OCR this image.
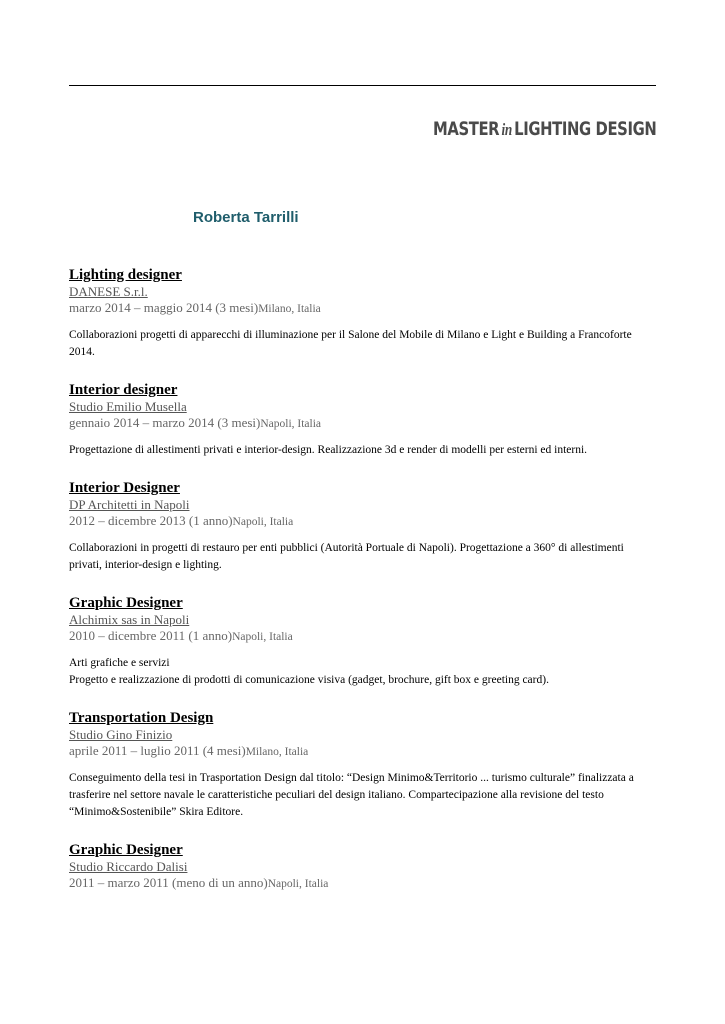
MASTER in LIGHTING DESIGN
Roberta Tarrilli
Lighting designer
DANESE S.r.l.
marzo 2014 – maggio 2014 (3 mesi)Milano, Italia
Collaborazioni progetti di apparecchi di illuminazione per il Salone del Mobile di Milano e Light e Building a Francoforte 2014.
Interior designer
Studio Emilio Musella
gennaio 2014 – marzo 2014 (3 mesi)Napoli, Italia
Progettazione di allestimenti privati e interior-design. Realizzazione 3d e render di modelli per esterni ed interni.
Interior Designer
DP Architetti in Napoli
2012 – dicembre 2013 (1 anno)Napoli, Italia
Collaborazioni in progetti di restauro per enti pubblici (Autorità Portuale di Napoli). Progettazione a 360° di allestimenti privati, interior-design e lighting.
Graphic Designer
Alchimix sas in Napoli
2010 – dicembre 2011 (1 anno)Napoli, Italia
Arti grafiche e servizi
Progetto e realizzazione di prodotti di comunicazione visiva (gadget, brochure, gift box e greeting card).
Transportation Design
Studio Gino Finizio
aprile 2011 – luglio 2011 (4 mesi)Milano, Italia
Conseguimento della tesi in Trasportation Design dal titolo: “Design Minimo&Territorio ... turismo culturale” finalizzata a trasferire nel settore navale le caratteristiche peculiari del design italiano. Compartecipazione alla revisione del testo “Minimo&Sostenibile” Skira Editore.
Graphic Designer
Studio Riccardo Dalisi
2011 – marzo 2011 (meno di un anno)Napoli, Italia
